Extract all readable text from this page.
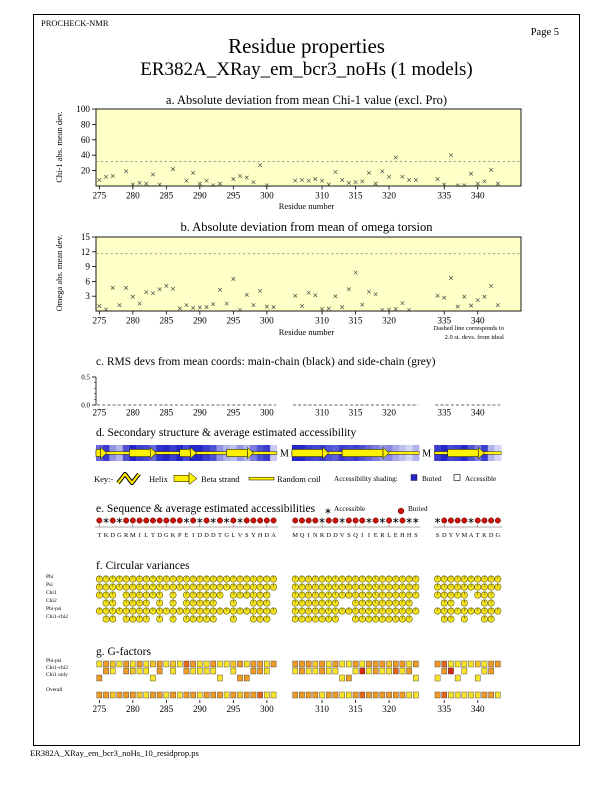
20
40
60
80
100
275 280 285 290 295 300	310 315 320	335 340
3
6
9
12
15
275 280 285 290 295 300	310 315 320	335 340
0.5
0.0
275 280 285 290 295 300	310 315 320	335 340
M	M
T K D G R M I L T D G K P E I D D D T G L V S Y H D A	M Q I N R D D V S Q I I E R L E H H S	S D Y V M A T K D G
275 280 285 290 295 300	310 315 320	335 340
PROCHECK-NMR
Page 5
Residue properties
ER382A_XRay_em_bcr3_noHs (1 models)
a. Absolute deviation from mean Chi-1 value (excl. Pro)
Chi-1 abs. mean dev.
Residue number
b. Absolute deviation from mean of omega torsion
Omega abs. mean dev.
Residue number	Dashed line corresponds to
2.0 st. devs. from ideal
c. RMS devs from mean coords: main-chain (black) and side-chain (grey)
d. Secondary structure & average estimated accessibility
Key:-	Helix	Beta strand	Random coil Accessibility shading:	Buried	Accessible
e. Sequence & average estimated accessibilities	Accessible	Buried
f. Circular variances
Phi
Psi
Chi1
Chi2
Phi-psi
Chi1-chi2
g. G-factors
Phi-psi
Chi1-chi2
Chi1 only
Overall
ER382A_XRay_em_bcr3_noHs_10_residprop.ps
